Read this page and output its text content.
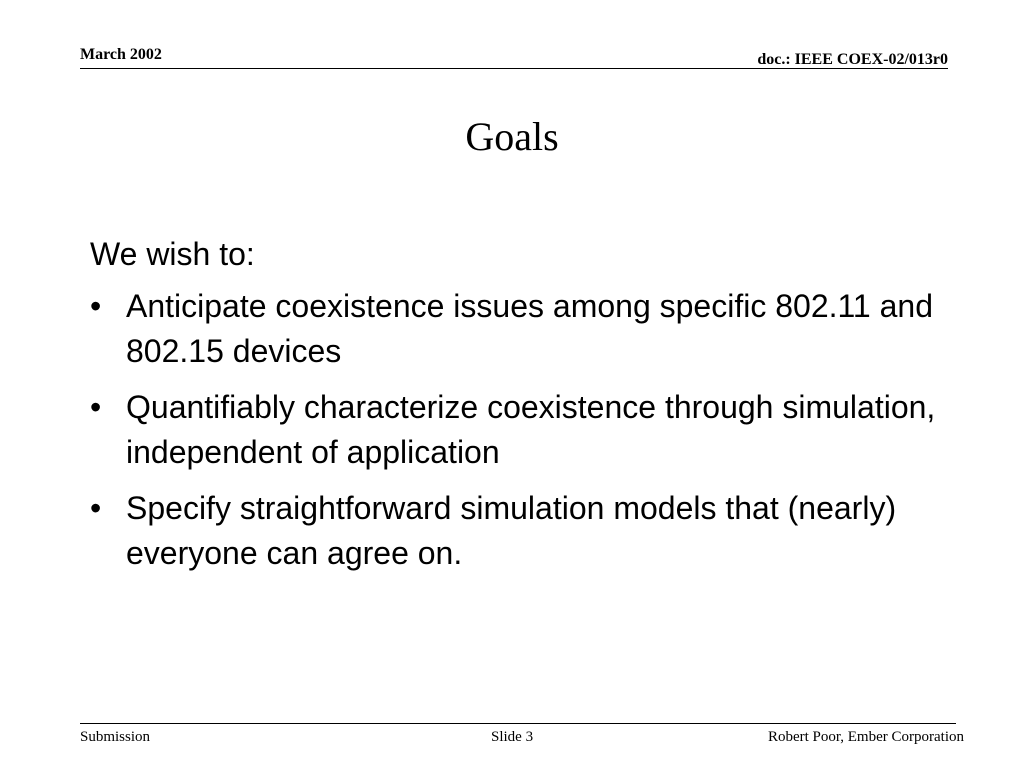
March 2002	doc.: IEEE COEX-02/013r0
Goals

We wish to:

• Anticipate coexistence issues among specific 802.11 and 802.15 devices
• Quantifiably characterize coexistence through simulation, independent of application
• Specify straightforward simulation models that (nearly) everyone can agree on.
Submission	Slide 3	Robert Poor, Ember Corporation
